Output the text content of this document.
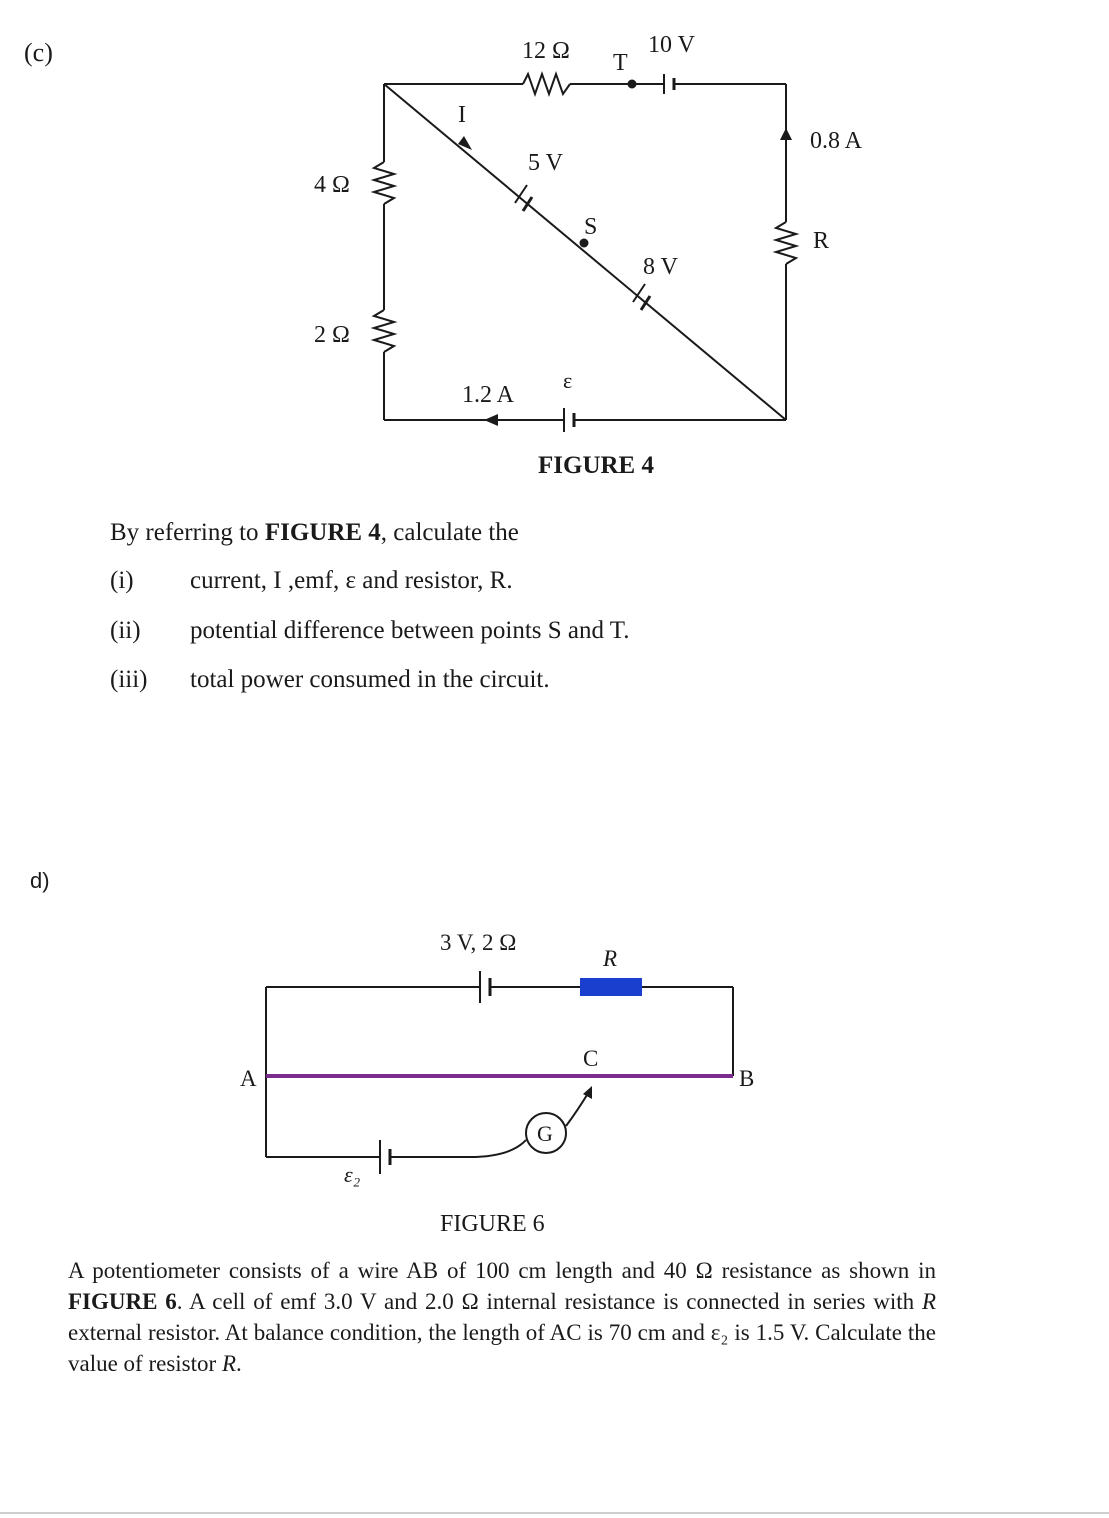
(c)	12 Ω T
10 V
I
0.8 A
5 V
4 Ω
S
R
8 V
2 Ω
1.2 A
ε
FIGURE 4
By referring to FIGURE 4, calculate the
(i) current, I ,emf, ε and resistor, R.
(ii) potential difference between points S and T.
(iii) total power consumed in the circuit.
d)
3 V, 2 Ω
R
C
A	B
G
ε₂
FIGURE 6
A potentiometer consists of a wire AB of 100 cm length and 40 Ω resistance as shown in FIGURE 6. A cell of emf 3.0 V and 2.0 Ω internal resistance is connected in series with R external resistor. At balance condition, the length of AC is 70 cm and ε₂ is 1.5 V. Calculate the value of resistor R.
